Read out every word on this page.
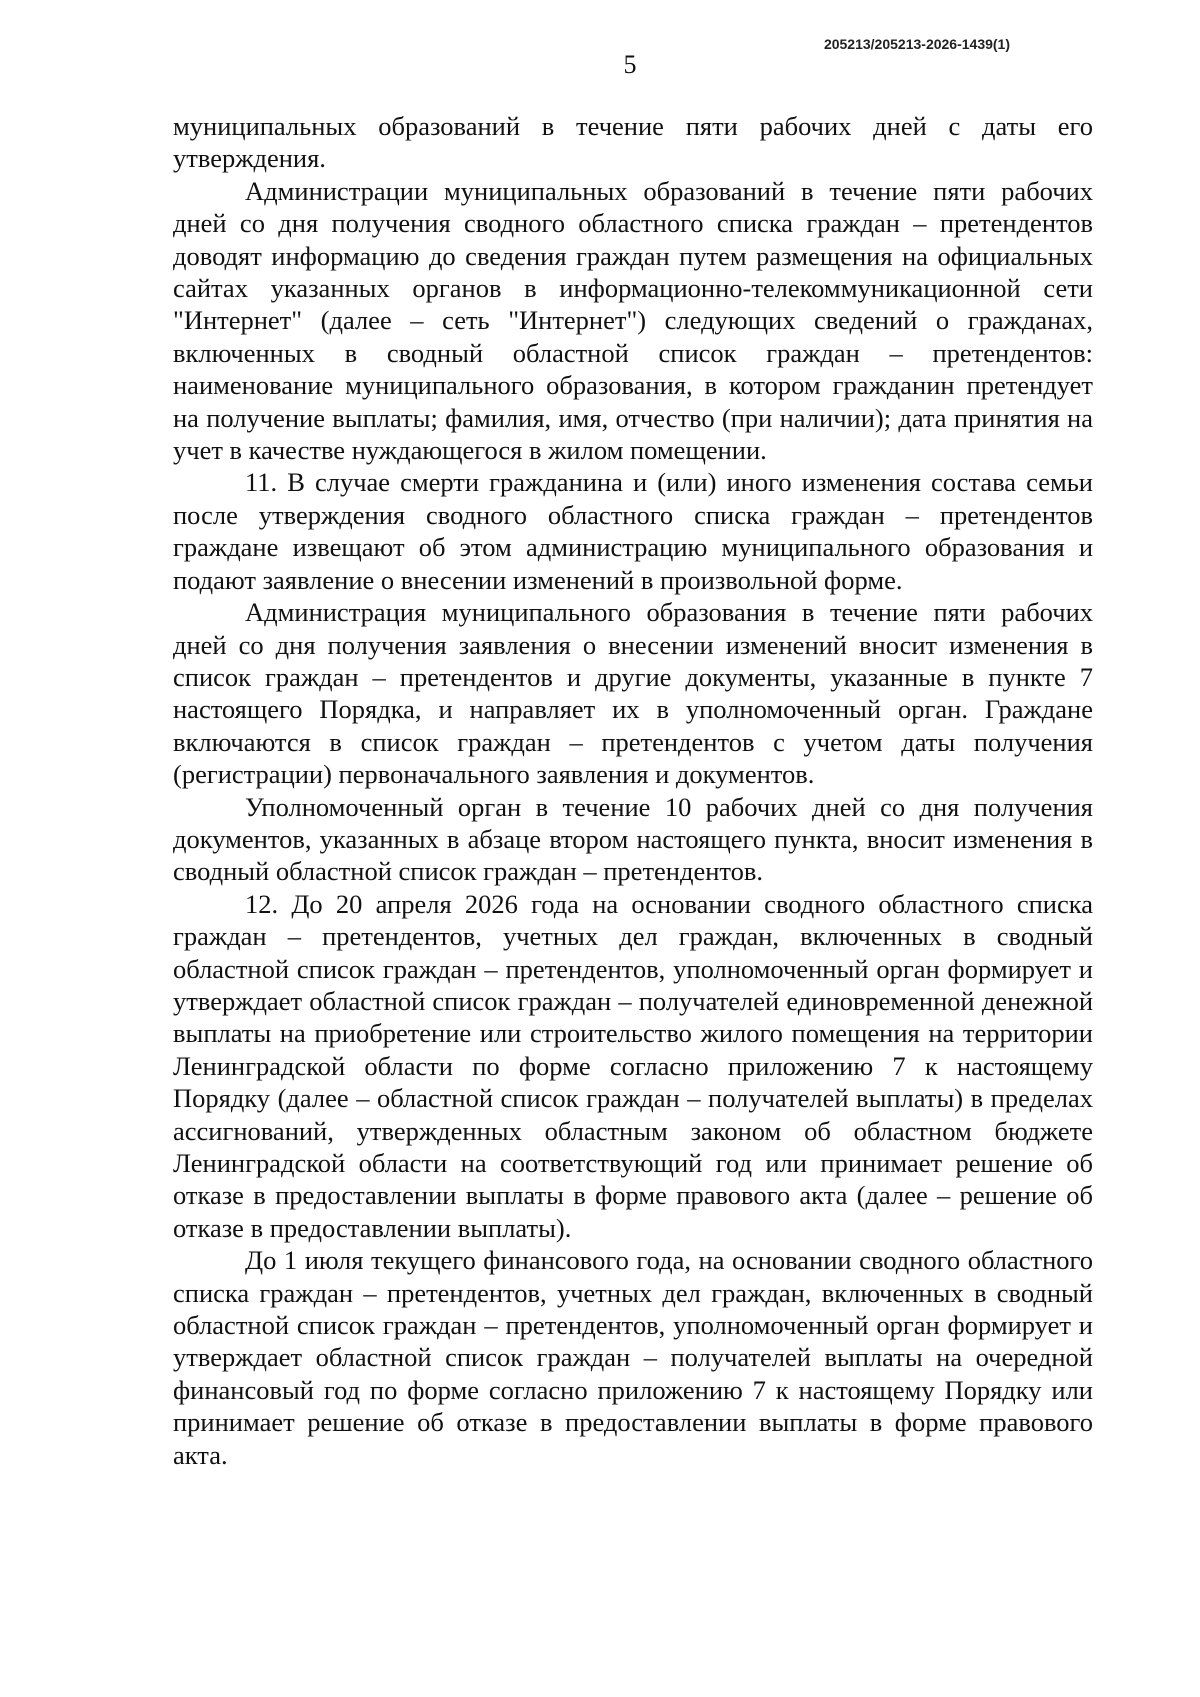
205213/205213-2026-1439(1)
5

муниципальных образований в течение пяти рабочих дней с даты его утверждения.

Администрации муниципальных образований в течение пяти рабочих дней со дня получения сводного областного списка граждан – претендентов доводят информацию до сведения граждан путем размещения на официальных сайтах указанных органов в информационно-телекоммуникационной сети "Интернет" (далее – сеть "Интернет") следующих сведений о гражданах, включенных в сводный областной список граждан – претендентов: наименование муниципального образования, в котором гражданин претендует на получение выплаты; фамилия, имя, отчество (при наличии); дата принятия на учет в качестве нуждающегося в жилом помещении.

11. В случае смерти гражданина и (или) иного изменения состава семьи после утверждения сводного областного списка граждан – претендентов граждане извещают об этом администрацию муниципального образования и подают заявление о внесении изменений в произвольной форме.

Администрация муниципального образования в течение пяти рабочих дней со дня получения заявления о внесении изменений вносит изменения в список граждан – претендентов и другие документы, указанные в пункте 7 настоящего Порядка, и направляет их в уполномоченный орган. Граждане включаются в список граждан – претендентов с учетом даты получения (регистрации) первоначального заявления и документов.

Уполномоченный орган в течение 10 рабочих дней со дня получения документов, указанных в абзаце втором настоящего пункта, вносит изменения в сводный областной список граждан – претендентов.

12. До 20 апреля 2026 года на основании сводного областного списка граждан – претендентов, учетных дел граждан, включенных в сводный областной список граждан – претендентов, уполномоченный орган формирует и утверждает областной список граждан – получателей единовременной денежной выплаты на приобретение или строительство жилого помещения на территории Ленинградской области по форме согласно приложению 7 к настоящему Порядку (далее – областной список граждан – получателей выплаты) в пределах ассигнований, утвержденных областным законом об областном бюджете Ленинградской области на соответствующий год или принимает решение об отказе в предоставлении выплаты в форме правового акта (далее – решение об отказе в предоставлении выплаты).

До 1 июля текущего финансового года, на основании сводного областного списка граждан – претендентов, учетных дел граждан, включенных в сводный областной список граждан – претендентов, уполномоченный орган формирует и утверждает областной список граждан – получателей выплаты на очередной финансовый год по форме согласно приложению 7 к настоящему Порядку или принимает решение об отказе в предоставлении выплаты в форме правового акта.
